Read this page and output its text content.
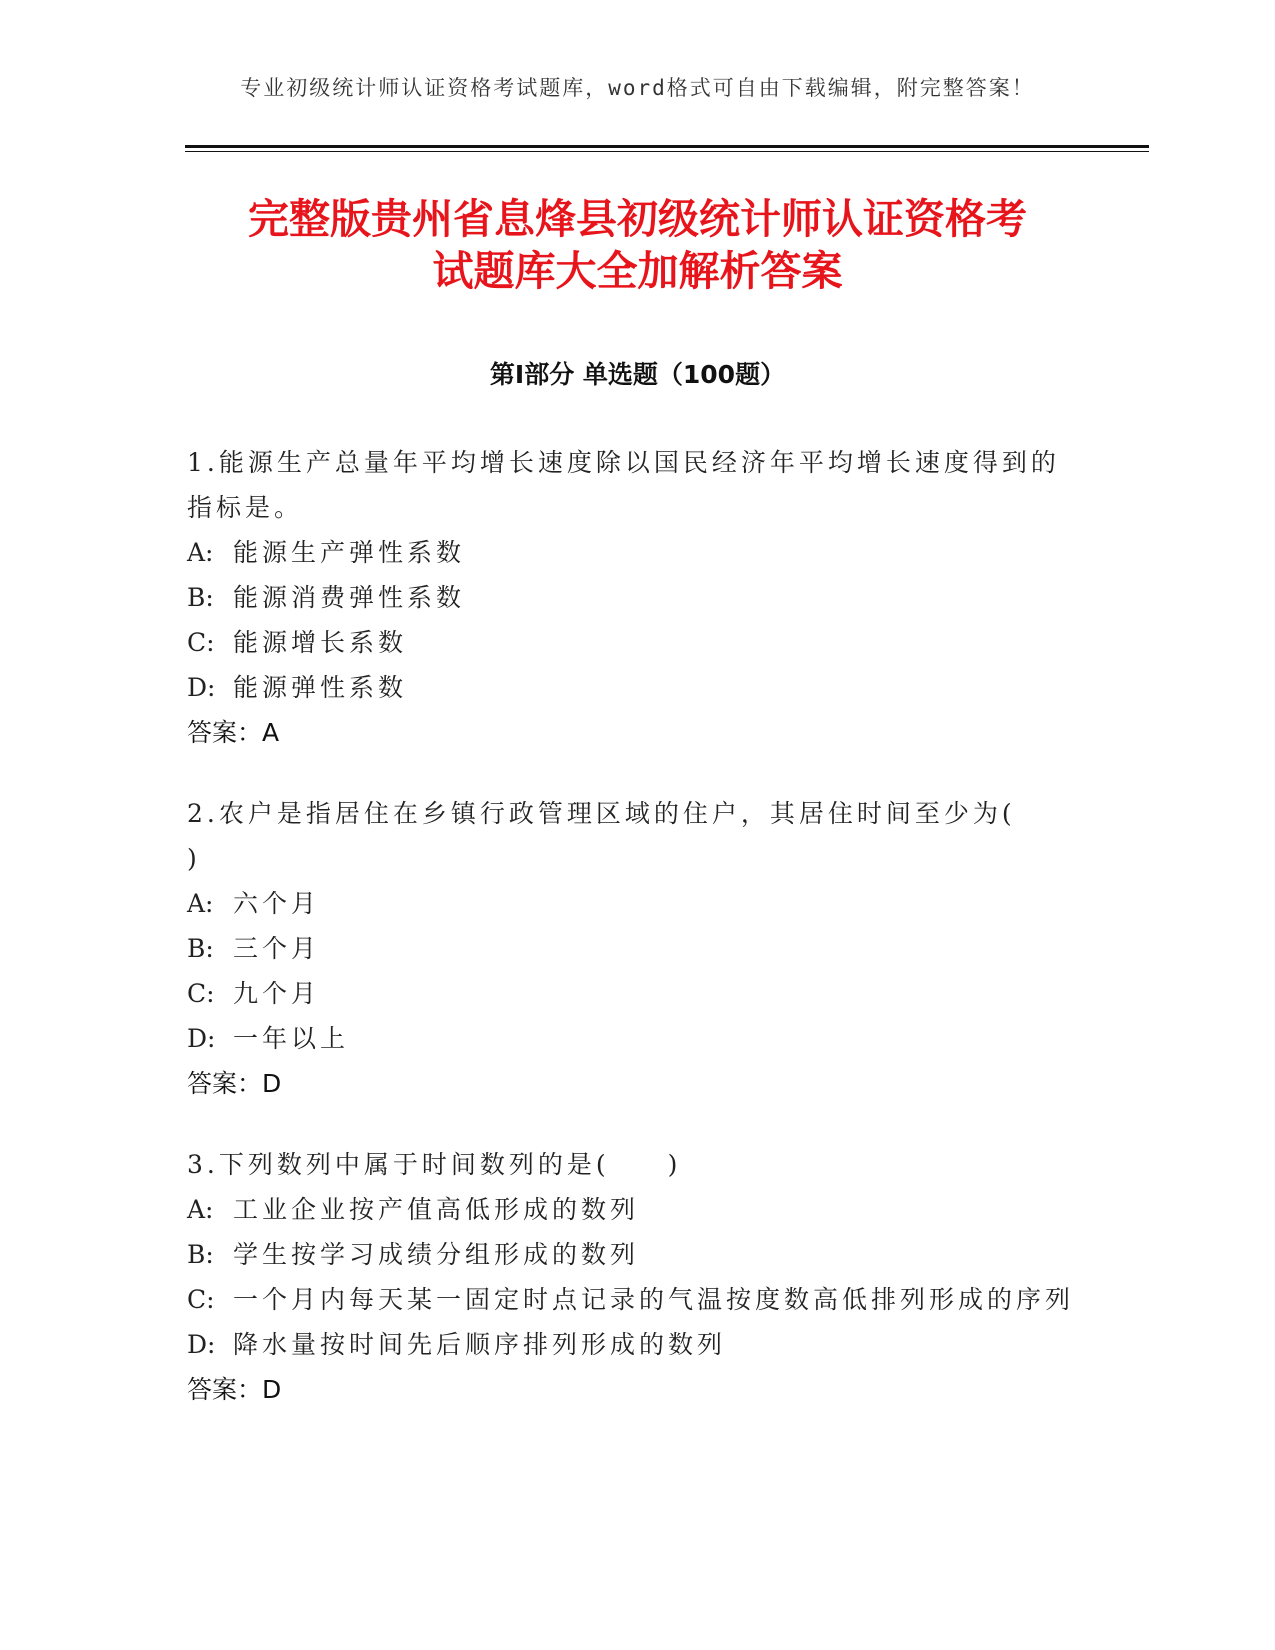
专业初级统计师认证资格考试题库，word格式可自由下载编辑，附完整答案！
完整版贵州省息烽县初级统计师认证资格考
试题库大全加解析答案
第Ⅰ部分 单选题（100题）
1.能源生产总量年平均增长速度除以国民经济年平均增长速度得到的
指标是。
A: 能源生产弹性系数
B: 能源消费弹性系数
C: 能源增长系数
D: 能源弹性系数
答案：A
2.农户是指居住在乡镇行政管理区域的住户，其居住时间至少为(
)
A: 六个月
B: 三个月
C: 九个月
D: 一年以上
答案：D
3.下列数列中属于时间数列的是(　　)
A: 工业企业按产值高低形成的数列
B: 学生按学习成绩分组形成的数列
C: 一个月内每天某一固定时点记录的气温按度数高低排列形成的序列
D: 降水量按时间先后顺序排列形成的数列
答案：D
